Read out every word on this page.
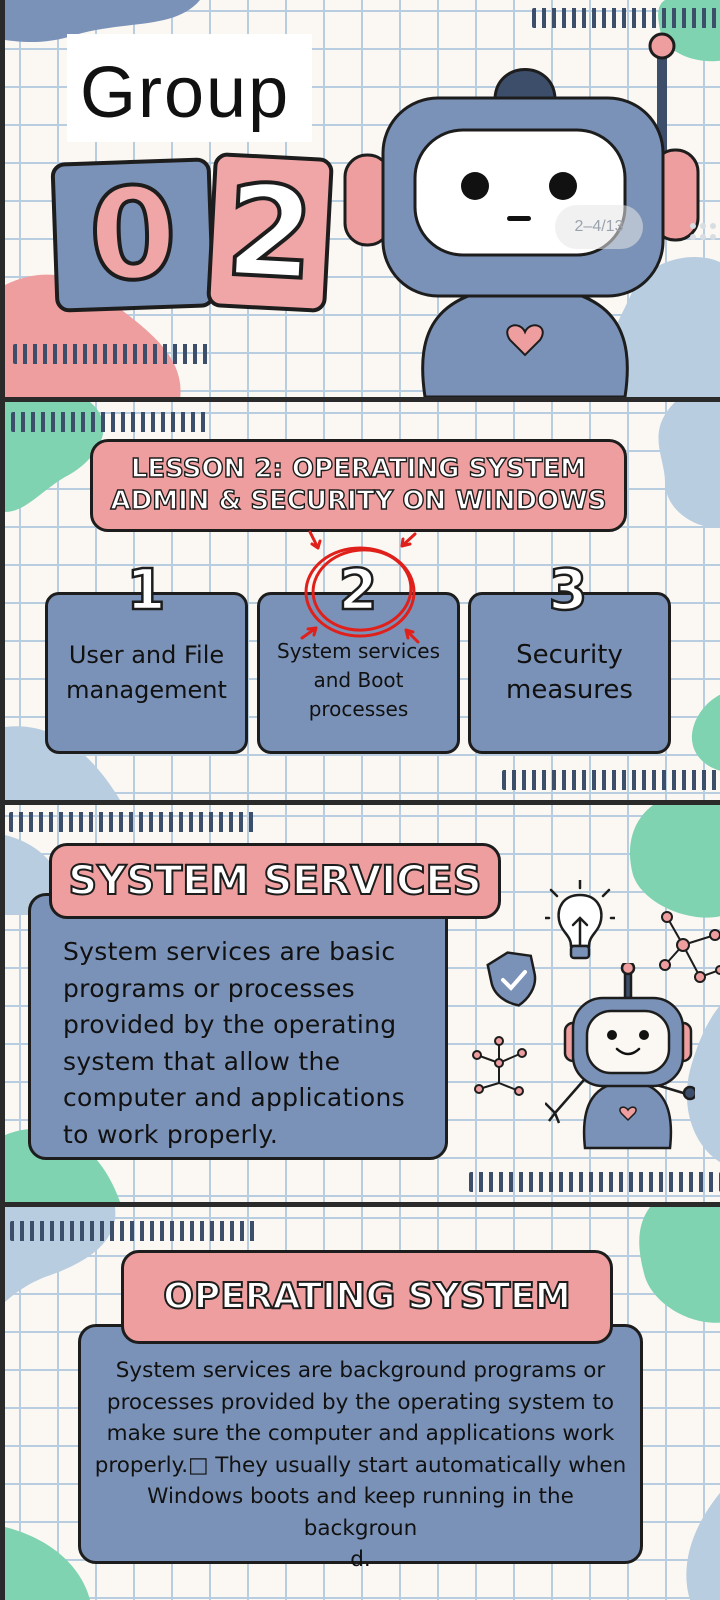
Group
0 2	2–4/13
LESSON 2: OPERATING SYSTEM
ADMIN & SECURITY ON WINDOWS
User and File
management
System services
and Boot
processes
Security
measures
1	2	3
System services are basic
programs or processes
provided by the operating
system that allow the
computer and applications
to work properly.
SYSTEM SERVICES
System services are background programs or
processes provided by the operating system to
make sure the computer and applications work
properly.□ They usually start automatically when
Windows boots and keep running in the
backgroun
d.
OPERATING SYSTEM
